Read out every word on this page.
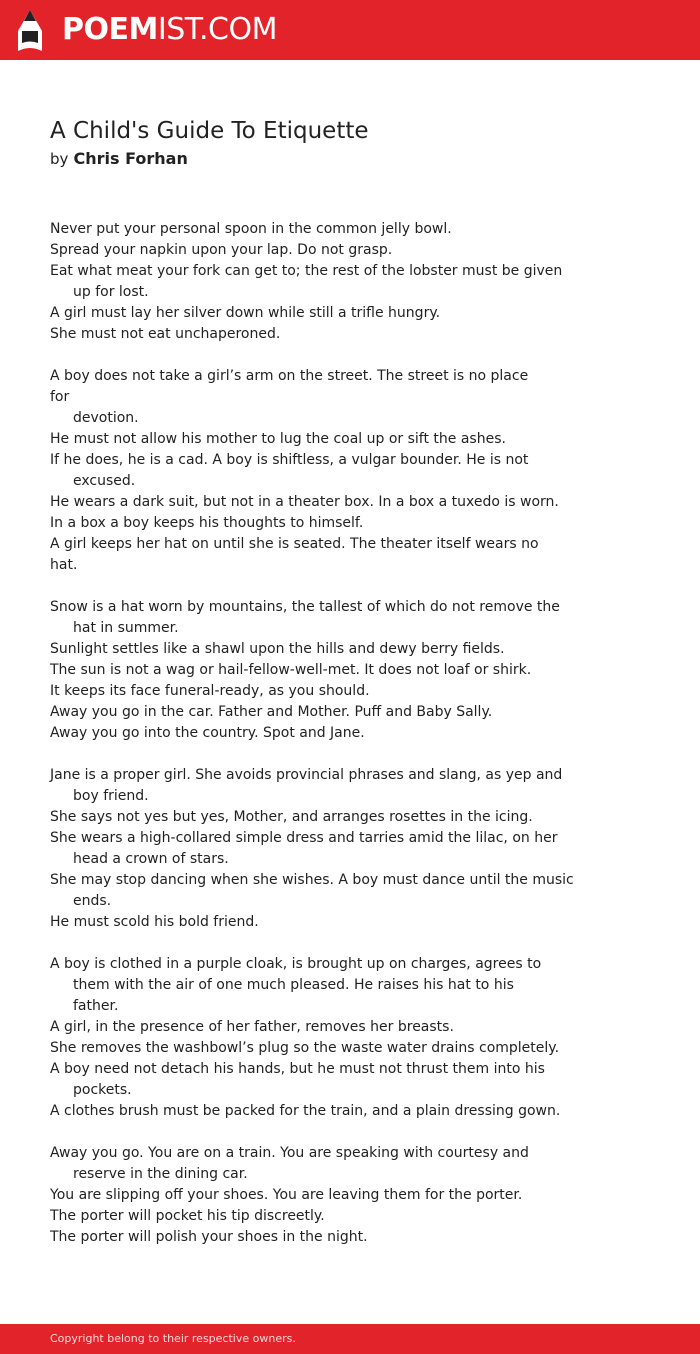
POEMIST.COM
A Child's Guide To Etiquette
by Chris Forhan
Never put your personal spoon in the common jelly bowl.
Spread your napkin upon your lap. Do not grasp.
Eat what meat your fork can get to; the rest of the lobster must be given
up for lost.
A girl must lay her silver down while still a trifle hungry.
She must not eat unchaperoned.
A boy does not take a girl’s arm on the street. The street is no place
for
devotion.
He must not allow his mother to lug the coal up or sift the ashes.
If he does, he is a cad. A boy is shiftless, a vulgar bounder. He is not
excused.
He wears a dark suit, but not in a theater box. In a box a tuxedo is worn.
In a box a boy keeps his thoughts to himself.
A girl keeps her hat on until she is seated. The theater itself wears no
hat.
Snow is a hat worn by mountains, the tallest of which do not remove the
hat in summer.
Sunlight settles like a shawl upon the hills and dewy berry fields.
The sun is not a wag or hail-fellow-well-met. It does not loaf or shirk.
It keeps its face funeral-ready, as you should.
Away you go in the car. Father and Mother. Puff and Baby Sally.
Away you go into the country. Spot and Jane.
Jane is a proper girl. She avoids provincial phrases and slang, as yep and
boy friend.
She says not yes but yes, Mother, and arranges rosettes in the icing.
She wears a high-collared simple dress and tarries amid the lilac, on her
head a crown of stars.
She may stop dancing when she wishes. A boy must dance until the music
ends.
He must scold his bold friend.
A boy is clothed in a purple cloak, is brought up on charges, agrees to
them with the air of one much pleased. He raises his hat to his
father.
A girl, in the presence of her father, removes her breasts.
She removes the washbowl’s plug so the waste water drains completely.
A boy need not detach his hands, but he must not thrust them into his
pockets.
A clothes brush must be packed for the train, and a plain dressing gown.
Away you go. You are on a train. You are speaking with courtesy and
reserve in the dining car.
You are slipping off your shoes. You are leaving them for the porter.
The porter will pocket his tip discreetly.
The porter will polish your shoes in the night.
Copyright belong to their respective owners.
